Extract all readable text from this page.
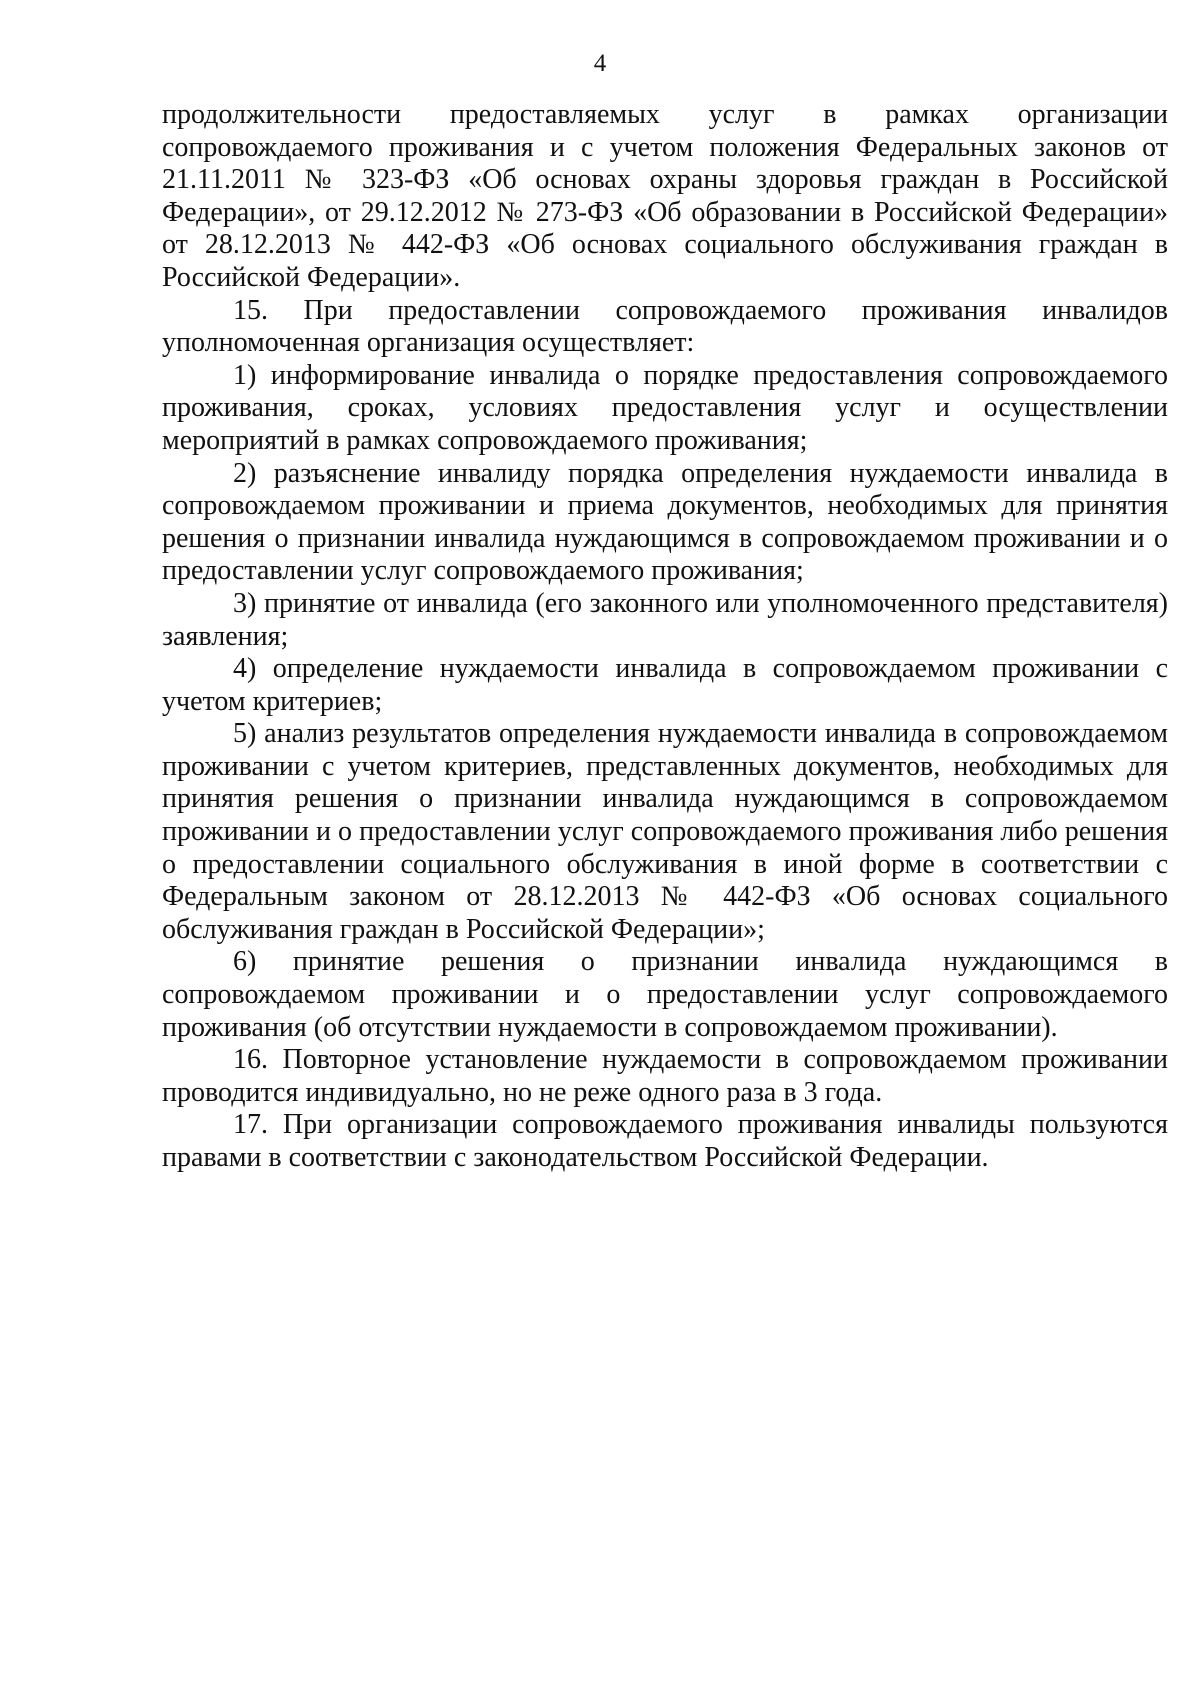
4

продолжительности предоставляемых услуг в рамках организации сопровождаемого проживания и с учетом положения Федеральных законов от 21.11.2011 № 323-ФЗ «Об основах охраны здоровья граждан в Российской Федерации», от 29.12.2012 № 273-ФЗ «Об образовании в Российской Федерации» от 28.12.2013 № 442-ФЗ «Об основах социального обслуживания граждан в Российской Федерации».

15. При предоставлении сопровождаемого проживания инвалидов уполномоченная организация осуществляет:

1) информирование инвалида о порядке предоставления сопровождаемого проживания, сроках, условиях предоставления услуг и осуществлении мероприятий в рамках сопровождаемого проживания;

2) разъяснение инвалиду порядка определения нуждаемости инвалида в сопровождаемом проживании и приема документов, необходимых для принятия решения о признании инвалида нуждающимся в сопровождаемом проживании и о предоставлении услуг сопровождаемого проживания;

3) принятие от инвалида (его законного или уполномоченного представителя) заявления;

4) определение нуждаемости инвалида в сопровождаемом проживании с учетом критериев;

5) анализ результатов определения нуждаемости инвалида в сопровождаемом проживании с учетом критериев, представленных документов, необходимых для принятия решения о признании инвалида нуждающимся в сопровождаемом проживании и о предоставлении услуг сопровождаемого проживания либо решения о предоставлении социального обслуживания в иной форме в соответствии с Федеральным законом от 28.12.2013 № 442-ФЗ «Об основах социального обслуживания граждан в Российской Федерации»;

6) принятие решения о признании инвалида нуждающимся в сопровождаемом проживании и о предоставлении услуг сопровождаемого проживания (об отсутствии нуждаемости в сопровождаемом проживании).

16. Повторное установление нуждаемости в сопровождаемом проживании проводится индивидуально, но не реже одного раза в 3 года.

17. При организации сопровождаемого проживания инвалиды пользуются правами в соответствии с законодательством Российской Федерации.
